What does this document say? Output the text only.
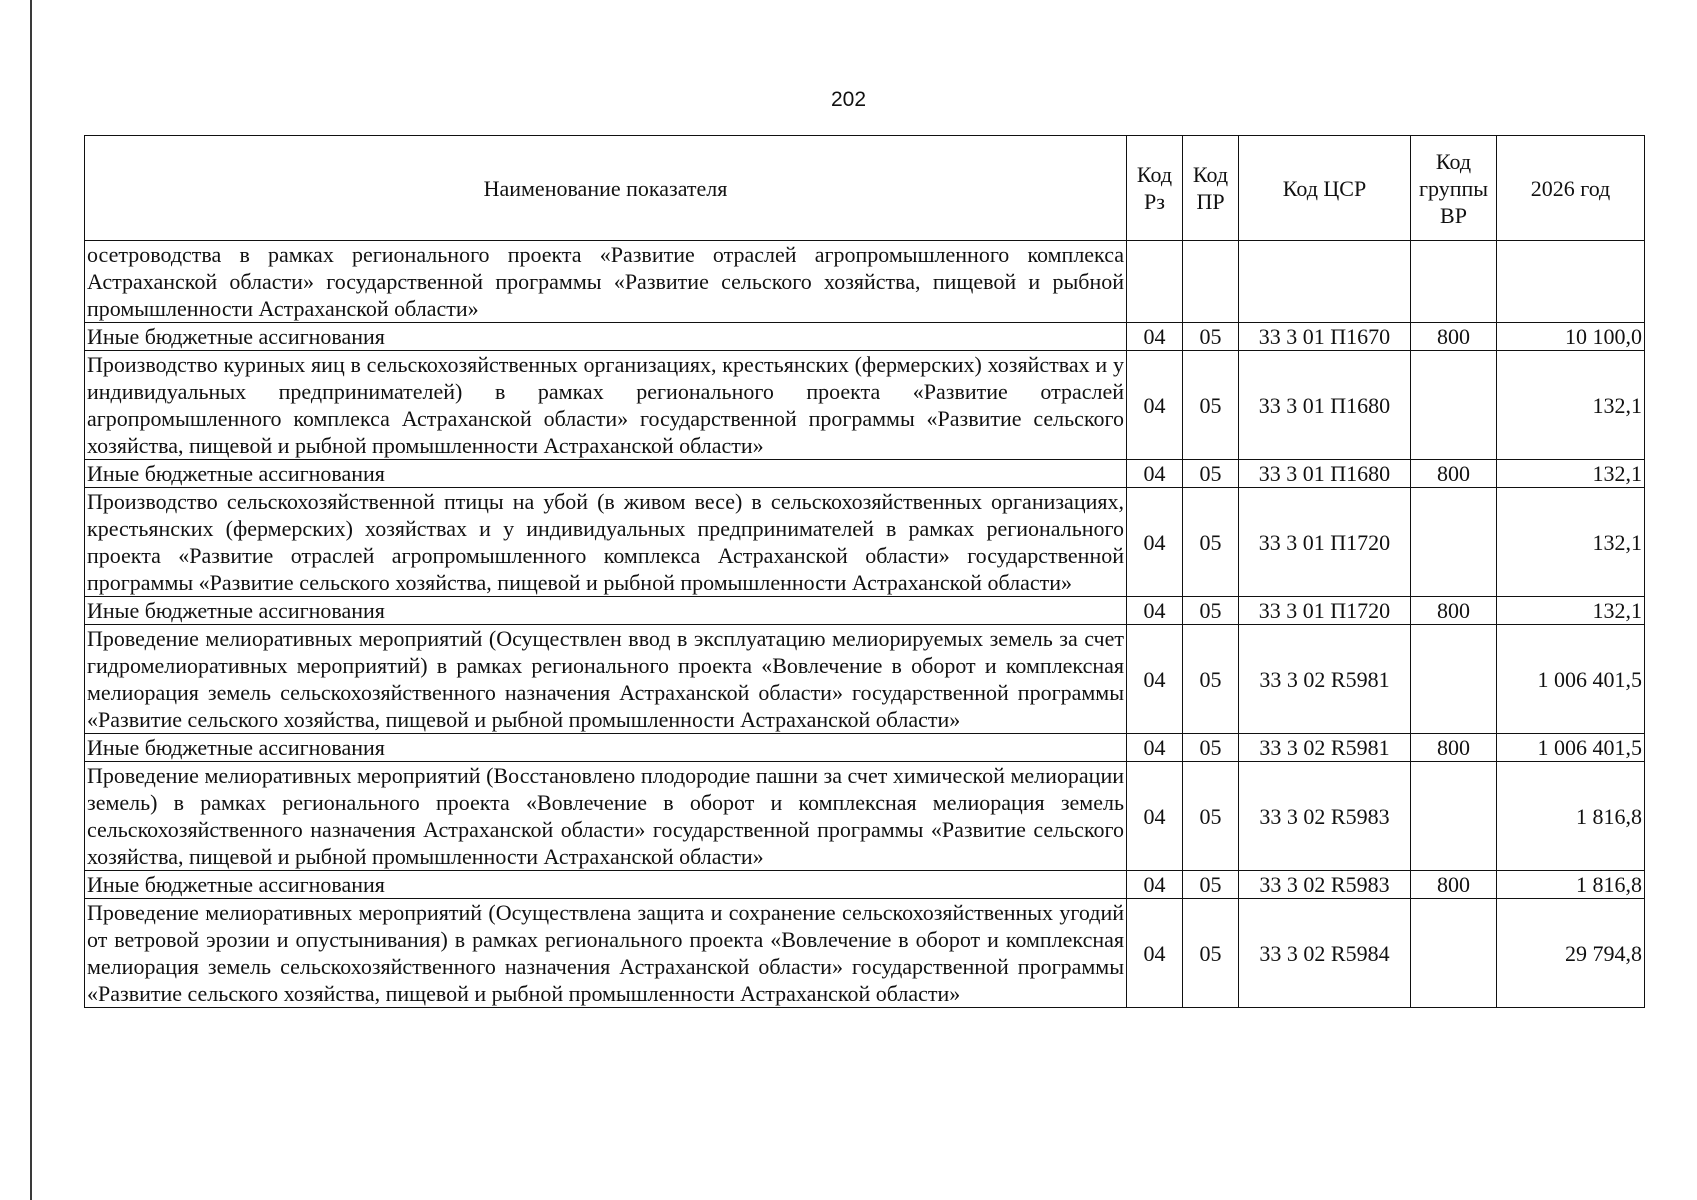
202
Наименование показателя	Код Рз	Код ПР	Код ЦСР	Код группы ВР	2026 год
осетроводства в рамках регионального проекта «Развитие отраслей агропромышленного комплекса Астраханской области» государственной программы «Развитие сельского хозяйства, пищевой и рыбной промышленности Астраханской области»					
Иные бюджетные ассигнования	04	05	33 3 01 П1670	800	10 100,0
Производство куриных яиц в сельскохозяйственных организациях, крестьянских (фермерских) хозяйствах и у индивидуальных предпринимателей) в рамках регионального проекта «Развитие отраслей агропромышленного комплекса Астраханской области» государственной программы «Развитие сельского хозяйства, пищевой и рыбной промышленности Астраханской области»	04	05	33 3 01 П1680		132,1
Иные бюджетные ассигнования	04	05	33 3 01 П1680	800	132,1
Производство сельскохозяйственной птицы на убой (в живом весе) в сельскохозяйственных организациях, крестьянских (фермерских) хозяйствах и у индивидуальных предпринимателей в рамках регионального проекта «Развитие отраслей агропромышленного комплекса Астраханской области» государственной программы «Развитие сельского хозяйства, пищевой и рыбной промышленности Астраханской области»	04	05	33 3 01 П1720		132,1
Иные бюджетные ассигнования	04	05	33 3 01 П1720	800	132,1
Проведение мелиоративных мероприятий (Осуществлен ввод в эксплуатацию мелиорируемых земель за счет гидромелиоративных мероприятий) в рамках регионального проекта «Вовлечение в оборот и комплексная мелиорация земель сельскохозяйственного назначения Астраханской области» государственной программы «Развитие сельского хозяйства, пищевой и рыбной промышленности Астраханской области»	04	05	33 3 02 R5981		1 006 401,5
Иные бюджетные ассигнования	04	05	33 3 02 R5981	800	1 006 401,5
Проведение мелиоративных мероприятий (Восстановлено плодородие пашни за счет химической мелиорации земель) в рамках регионального проекта «Вовлечение в оборот и комплексная мелиорация земель сельскохозяйственного назначения Астраханской области» государственной программы «Развитие сельского хозяйства, пищевой и рыбной промышленности Астраханской области»	04	05	33 3 02 R5983		1 816,8
Иные бюджетные ассигнования	04	05	33 3 02 R5983	800	1 816,8
Проведение мелиоративных мероприятий (Осуществлена защита и сохранение сельскохозяйственных угодий от ветровой эрозии и опустынивания) в рамках регионального проекта «Вовлечение в оборот и комплексная мелиорация земель сельскохозяйственного назначения Астраханской области» государственной программы «Развитие сельского хозяйства, пищевой и рыбной промышленности Астраханской области»	04	05	33 3 02 R5984		29 794,8
